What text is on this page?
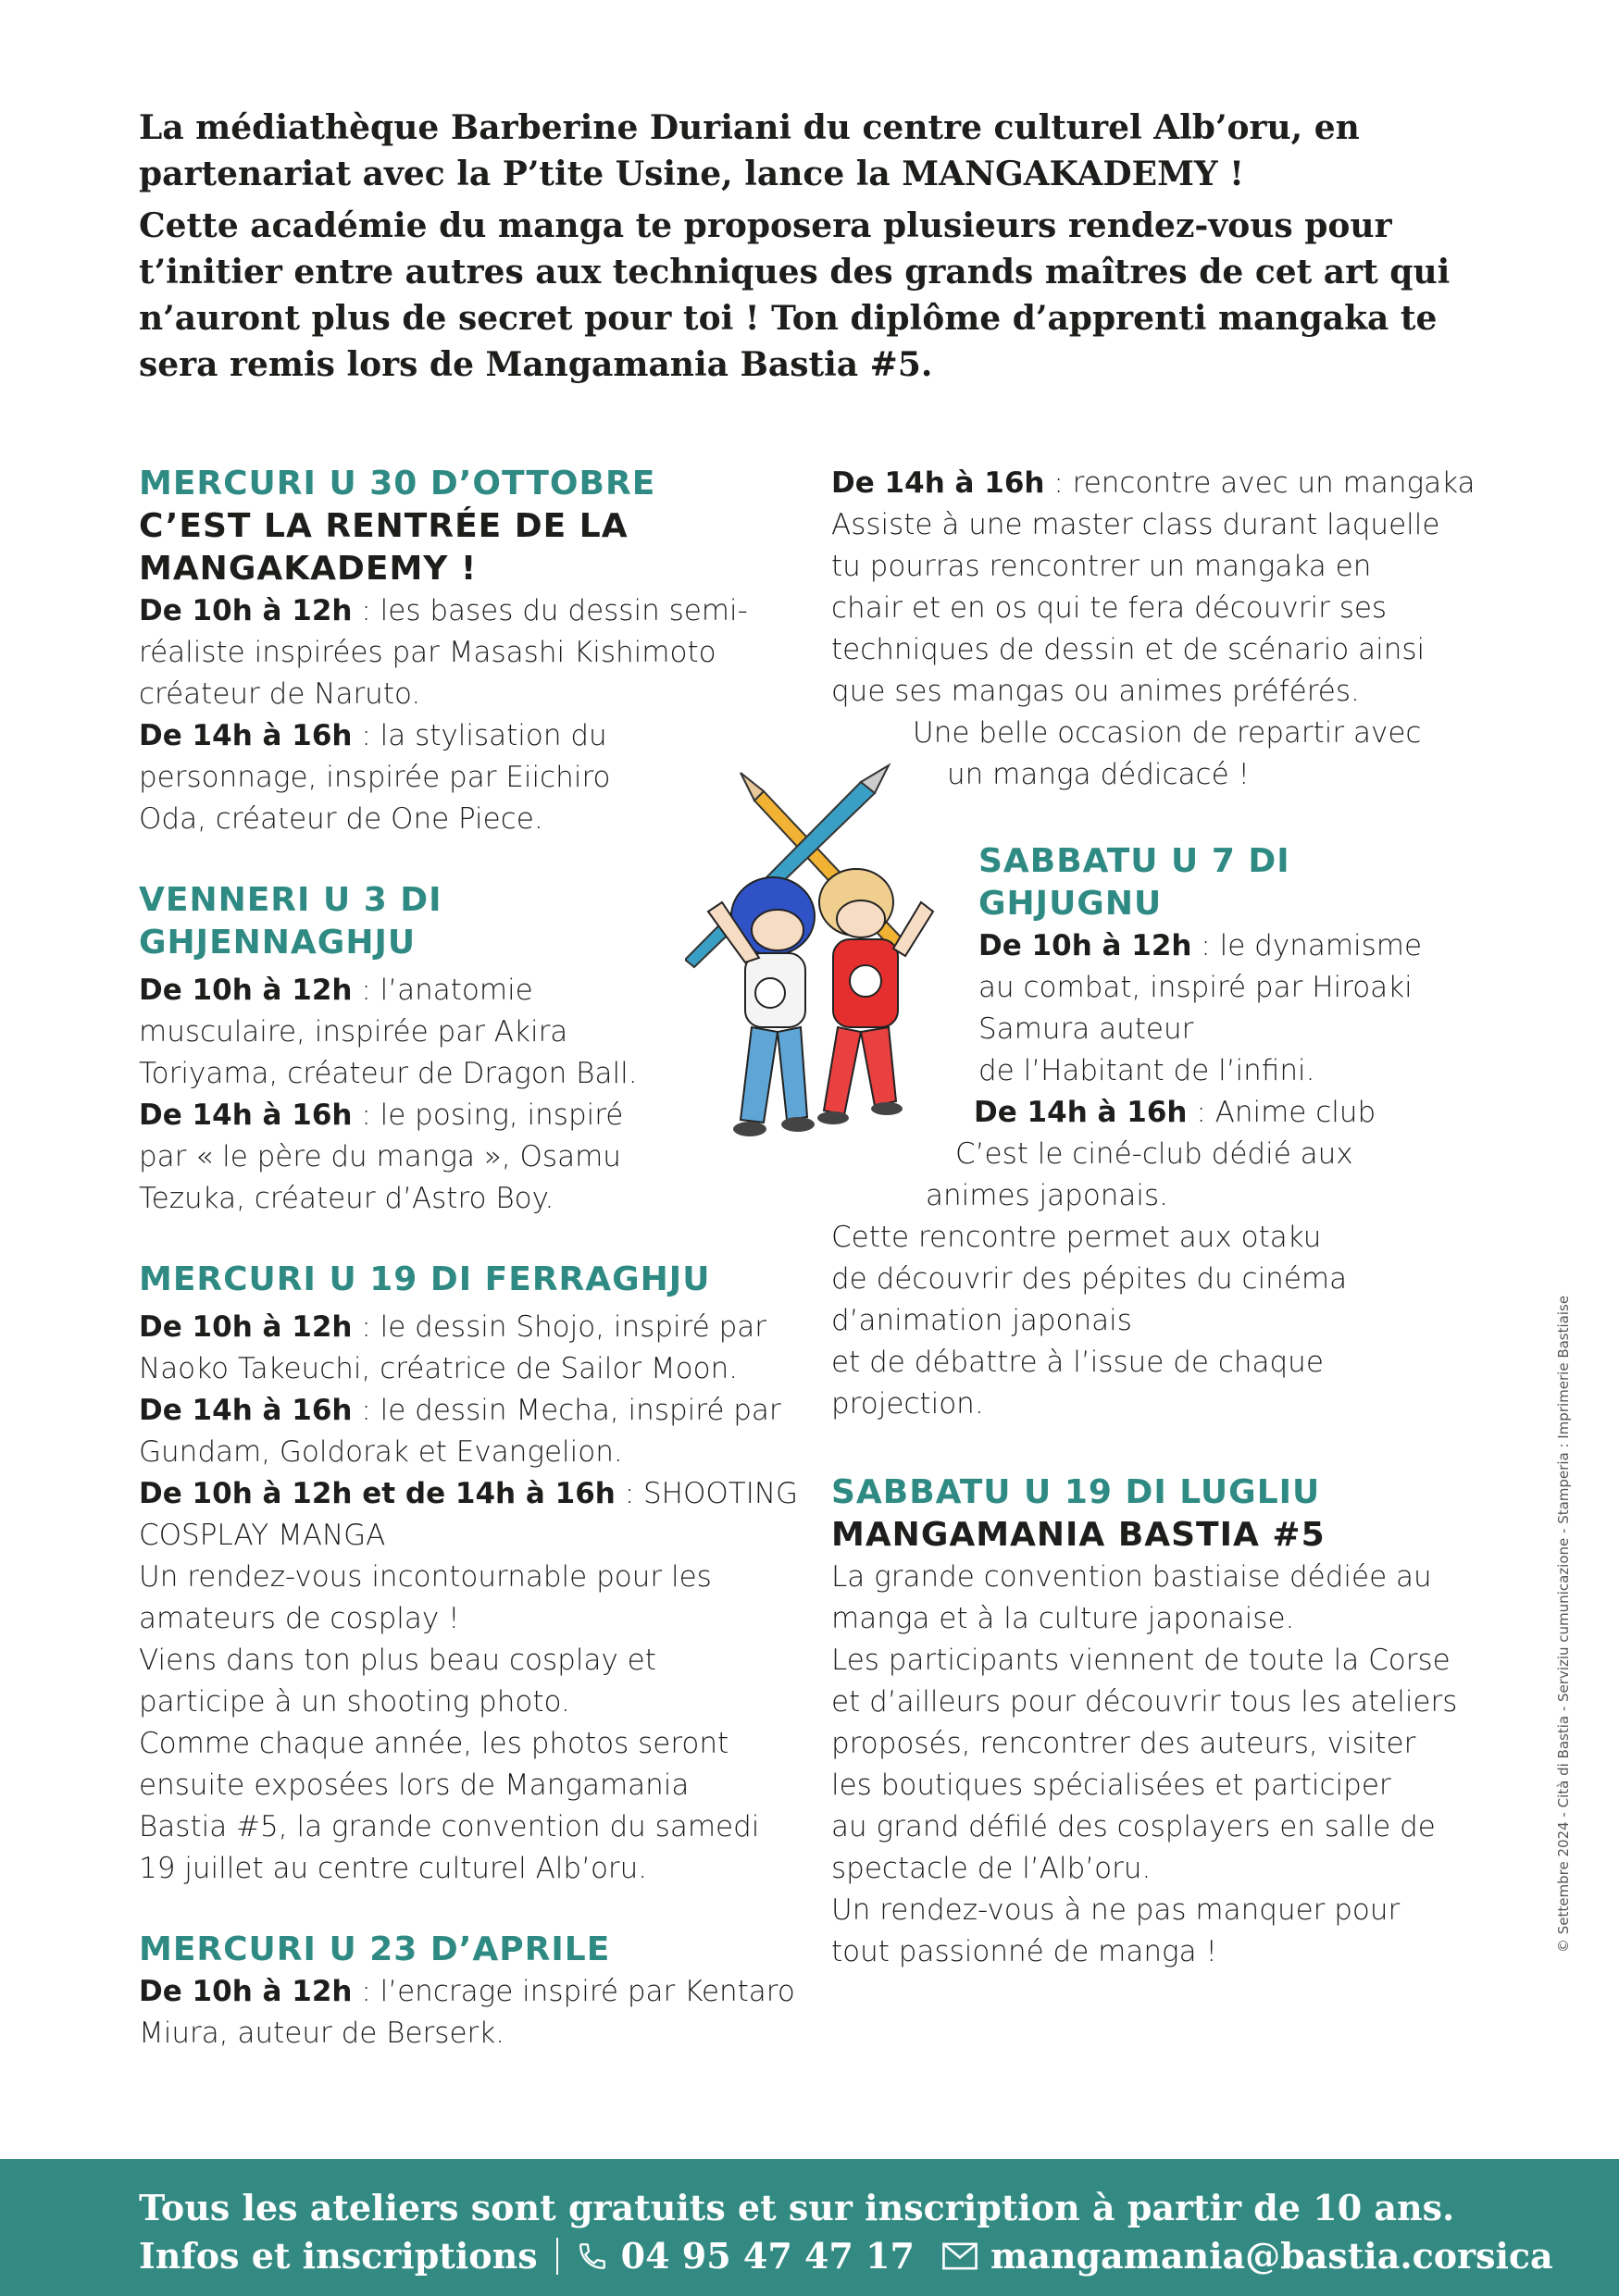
La médiathèque Barberine Duriani du centre culturel Alb’oru, en partenariat avec la P’tite Usine, lance la MANGAKADEMY !

Cette académie du manga te proposera plusieurs rendez-vous pour t’initier entre autres aux techniques des grands maîtres de cet art qui n’auront plus de secret pour toi ! Ton diplôme d’apprenti mangaka te sera remis lors de Mangamania Bastia #5.

MERCURI U 30 D’OTTOBRE
C’EST LA RENTRÉE DE LA
MANGAKADEMY !

De 10h à 12h : les bases du dessin semi-

réaliste inspirées par Masashi Kishimoto

créateur de Naruto.

De 14h à 16h : la stylisation du

personnage, inspirée par Eiichiro

Oda, créateur de One Piece.

VENNERI U 3 DI
GHJENNAGHJU

De 10h à 12h : l’anatomie

musculaire, inspirée par Akira

Toriyama, créateur de Dragon Ball.

De 14h à 16h : le posing, inspiré

par « le père du manga », Osamu

Tezuka, créateur d’Astro Boy.

MERCURI U 19 DI FERRAGHJU

De 10h à 12h : le dessin Shojo, inspiré par

Naoko Takeuchi, créatrice de Sailor Moon.

De 14h à 16h : le dessin Mecha, inspiré par

Gundam, Goldorak et Evangelion.

De 10h à 12h et de 14h à 16h : SHOOTING

COSPLAY MANGA

Un rendez-vous incontournable pour les

amateurs de cosplay !

Viens dans ton plus beau cosplay et

participe à un shooting photo.

Comme chaque année, les photos seront

ensuite exposées lors de Mangamania

Bastia #5, la grande convention du samedi

19 juillet au centre culturel Alb’oru.

MERCURI U 23 D’APRILE

De 10h à 12h : l’encrage inspiré par Kentaro

Miura, auteur de Berserk.

De 14h à 16h : rencontre avec un mangaka

Assiste à une master class durant laquelle

tu pourras rencontrer un mangaka en

chair et en os qui te fera découvrir ses

techniques de dessin et de scénario ainsi

que ses mangas ou animes préférés.

Une belle occasion de repartir avec

un manga dédicacé !

SABBATU U 7 DI
GHJUGNU

De 10h à 12h : le dynamisme

au combat, inspiré par Hiroaki

Samura auteur

de l’Habitant de l’infini.

De 14h à 16h : Anime club

C’est le ciné-club dédié aux

animes japonais.

Cette rencontre permet aux otaku

de découvrir des pépites du cinéma

d’animation japonais

et de débattre à l’issue de chaque

projection.

SABBATU U 19 DI LUGLIU
MANGAMANIA BASTIA #5

La grande convention bastiaise dédiée au

manga et à la culture japonaise.

Les participants viennent de toute la Corse

et d’ailleurs pour découvrir tous les ateliers

proposés, rencontrer des auteurs, visiter

les boutiques spécialisées et participer

au grand défilé des cosplayers en salle de

spectacle de l’Alb’oru.

Un rendez-vous à ne pas manquer pour

tout passionné de manga !	© Settembre 2024 - Cità di Bastia - Serviziu cumunicazione - Stamperia : Imprimerie Bastiaise
Tous les ateliers sont gratuits et sur inscription à partir de 10 ans.
Infos et inscriptions 04 95 47 47 17 mangamania@bastia.corsica
